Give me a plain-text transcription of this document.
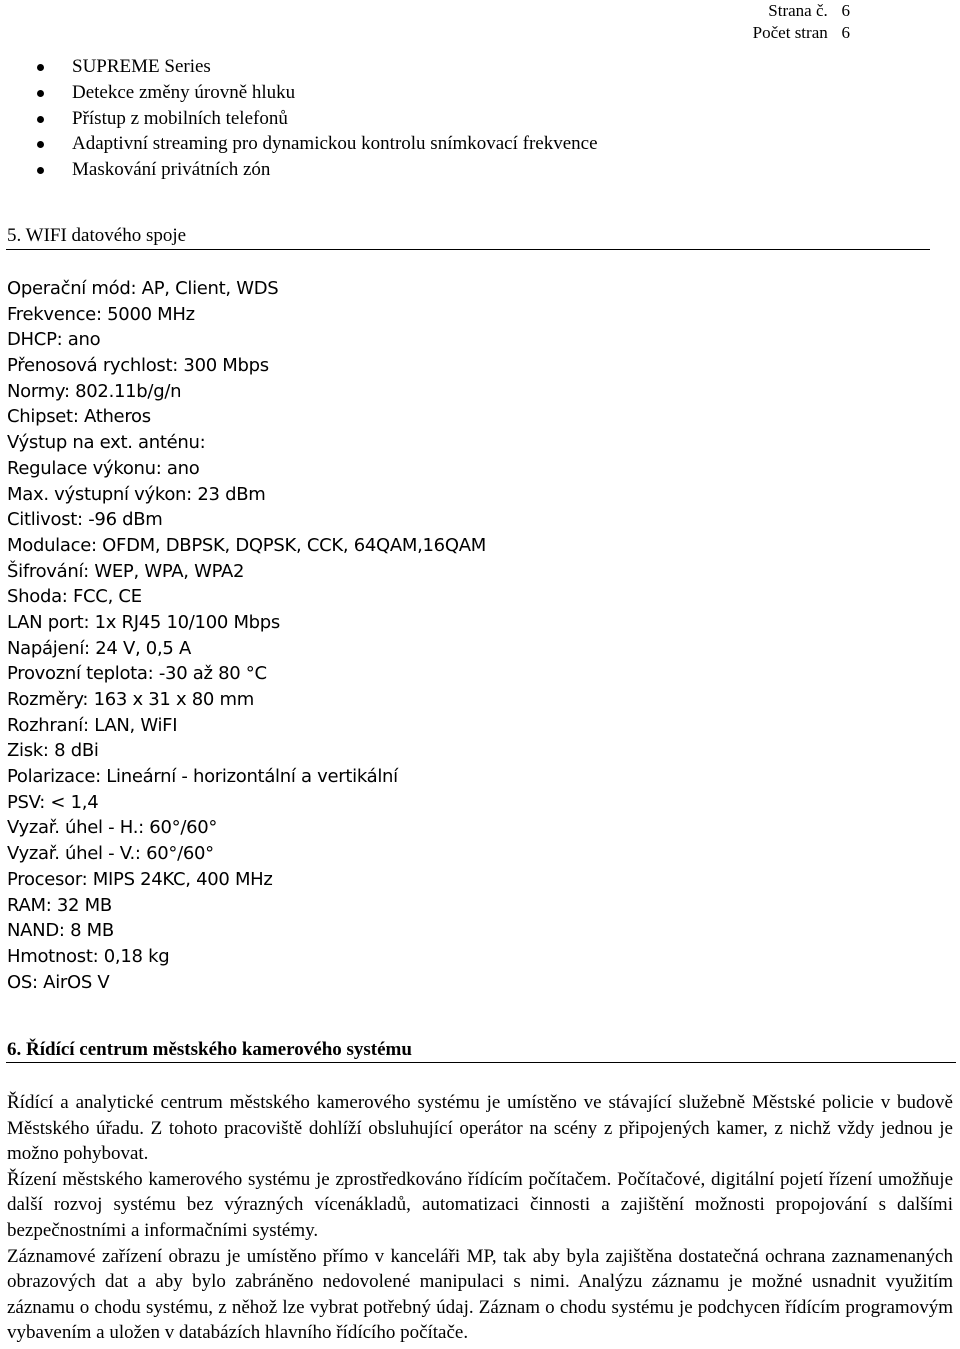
Strana č. 6
Počet stran 6
SUPREME Series
Detekce změny úrovně hluku
Přístup z mobilních telefonů
Adaptivní streaming pro dynamickou kontrolu snímkovací frekvence
Maskování privátních zón
5. WIFI datového spoje
Operační mód: AP, Client, WDS
Frekvence: 5000 MHz
DHCP: ano
Přenosová rychlost: 300 Mbps
Normy: 802.11b/g/n
Chipset: Atheros
Výstup na ext. anténu:
Regulace výkonu: ano
Max. výstupní výkon: 23 dBm
Citlivost: -96 dBm
Modulace: OFDM, DBPSK, DQPSK, CCK, 64QAM,16QAM
Šifrování: WEP, WPA, WPA2
Shoda: FCC, CE
LAN port: 1x RJ45 10/100 Mbps
Napájení: 24 V, 0,5 A
Provozní teplota: -30 až 80 °C
Rozměry: 163 x 31 x 80 mm
Rozhraní: LAN, WiFI
Zisk: 8 dBi
Polarizace: Lineární - horizontální a vertikální
PSV: < 1,4
Vyzař. úhel - H.: 60°/60°
Vyzař. úhel - V.: 60°/60°
Procesor: MIPS 24KC, 400 MHz
RAM: 32 MB
NAND: 8 MB
Hmotnost: 0,18 kg
OS: AirOS V
6. Řídící centrum městského kamerového systému

Řídící a analytické centrum městského kamerového systému je umístěno ve stávající služebně Městské policie v budově Městského úřadu. Z tohoto pracoviště dohlíží obsluhující operátor na scény z připojených kamer, z nichž vždy jednou je možno pohybovat.

Řízení městského kamerového systému je zprostředkováno řídícím počítačem. Počítačové, digitální pojetí řízení umožňuje další rozvoj systému bez výrazných vícenákladů, automatizaci činnosti a zajištění možnosti propojování s dalšími bezpečnostními a informačními systémy.

Záznamové zařízení obrazu je umístěno přímo v kanceláři MP, tak aby byla zajištěna dostatečná ochrana zaznamenaných obrazových dat a aby bylo zabráněno nedovolené manipulaci s nimi. Analýzu záznamu je možné usnadnit využitím záznamu o chodu systému, z něhož lze vybrat potřebný údaj. Záznam o chodu systému je podchycen řídícím programovým vybavením a uložen v databázích hlavního řídícího počítače.
